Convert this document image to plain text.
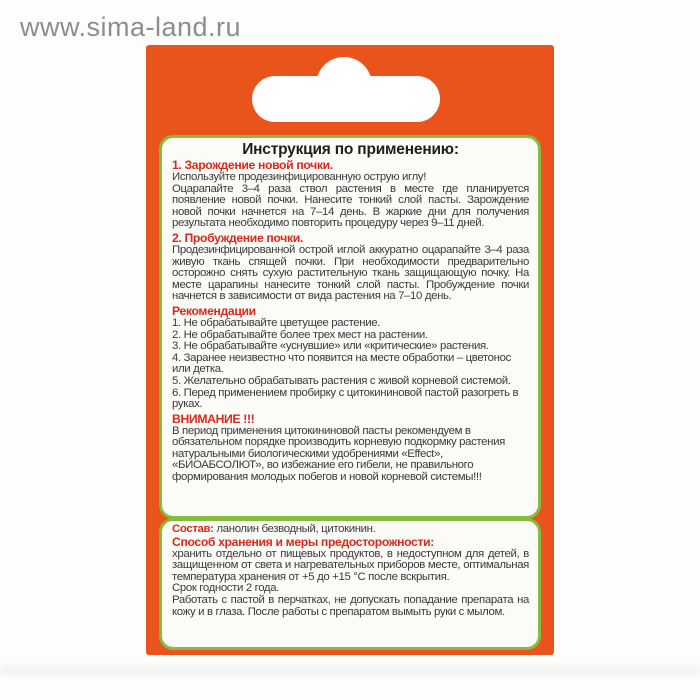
www.sima-land.ru
Инструкция по применению:
1. Зарождение новой почки.
Используйте продезинфицированную острую иглу!
Оцарапайте 3–4 раза ствол растения в месте где планируется появление новой почки. Нанесите тонкий слой пасты. Зарождение новой почки начнется на 7–14 день. В жаркие дни для получения результата необходимо повторить процедуру через 9–11 дней.
2. Пробуждение почки.
Продезинфицированной острой иглой аккуратно оцарапайте 3–4 раза живую ткань спящей почки. При необходимости предварительно осторожно снять сухую растительную ткань защищающую почку. На месте царапины нанесите тонкий слой пасты. Пробуждение почки начнется в зависимости от вида растения на 7–10 день.
Рекомендации
1. Не обрабатывайте цветущее растение.
2. Не обрабатывайте более трех мест на растении.
3. Не обрабатывайте «уснувшие» или «критические» растения.
4. Заранее неизвестно что появится на месте обработки – цветонос или детка.
5. Желательно обрабатывать растения с живой корневой системой.
6. Перед применением пробирку с цитокининовой пастой разогреть в руках.
ВНИМАНИЕ !!!
В период применения цитокининовой пасты рекомендуем в обязательном порядке производить корневую подкормку растения натуральными биологическими удобрениями «Effect», «БИОАБСОЛЮТ», во избежание его гибели, не правильного формирования молодых побегов и новой корневой системы!!!
Состав: ланолин безводный, цитокинин.
Способ хранения и меры предосторожности:
хранить отдельно от пищевых продуктов, в недоступном для детей, в защищенном от света и нагревательных приборов месте, оптимальная температура хранения от +5 до +15 °С после вскрытия.
Срок годности 2 года.
Работать с пастой в перчатках, не допускать попадание препарата на кожу и в глаза. После работы с препаратом вымыть руки с мылом.
